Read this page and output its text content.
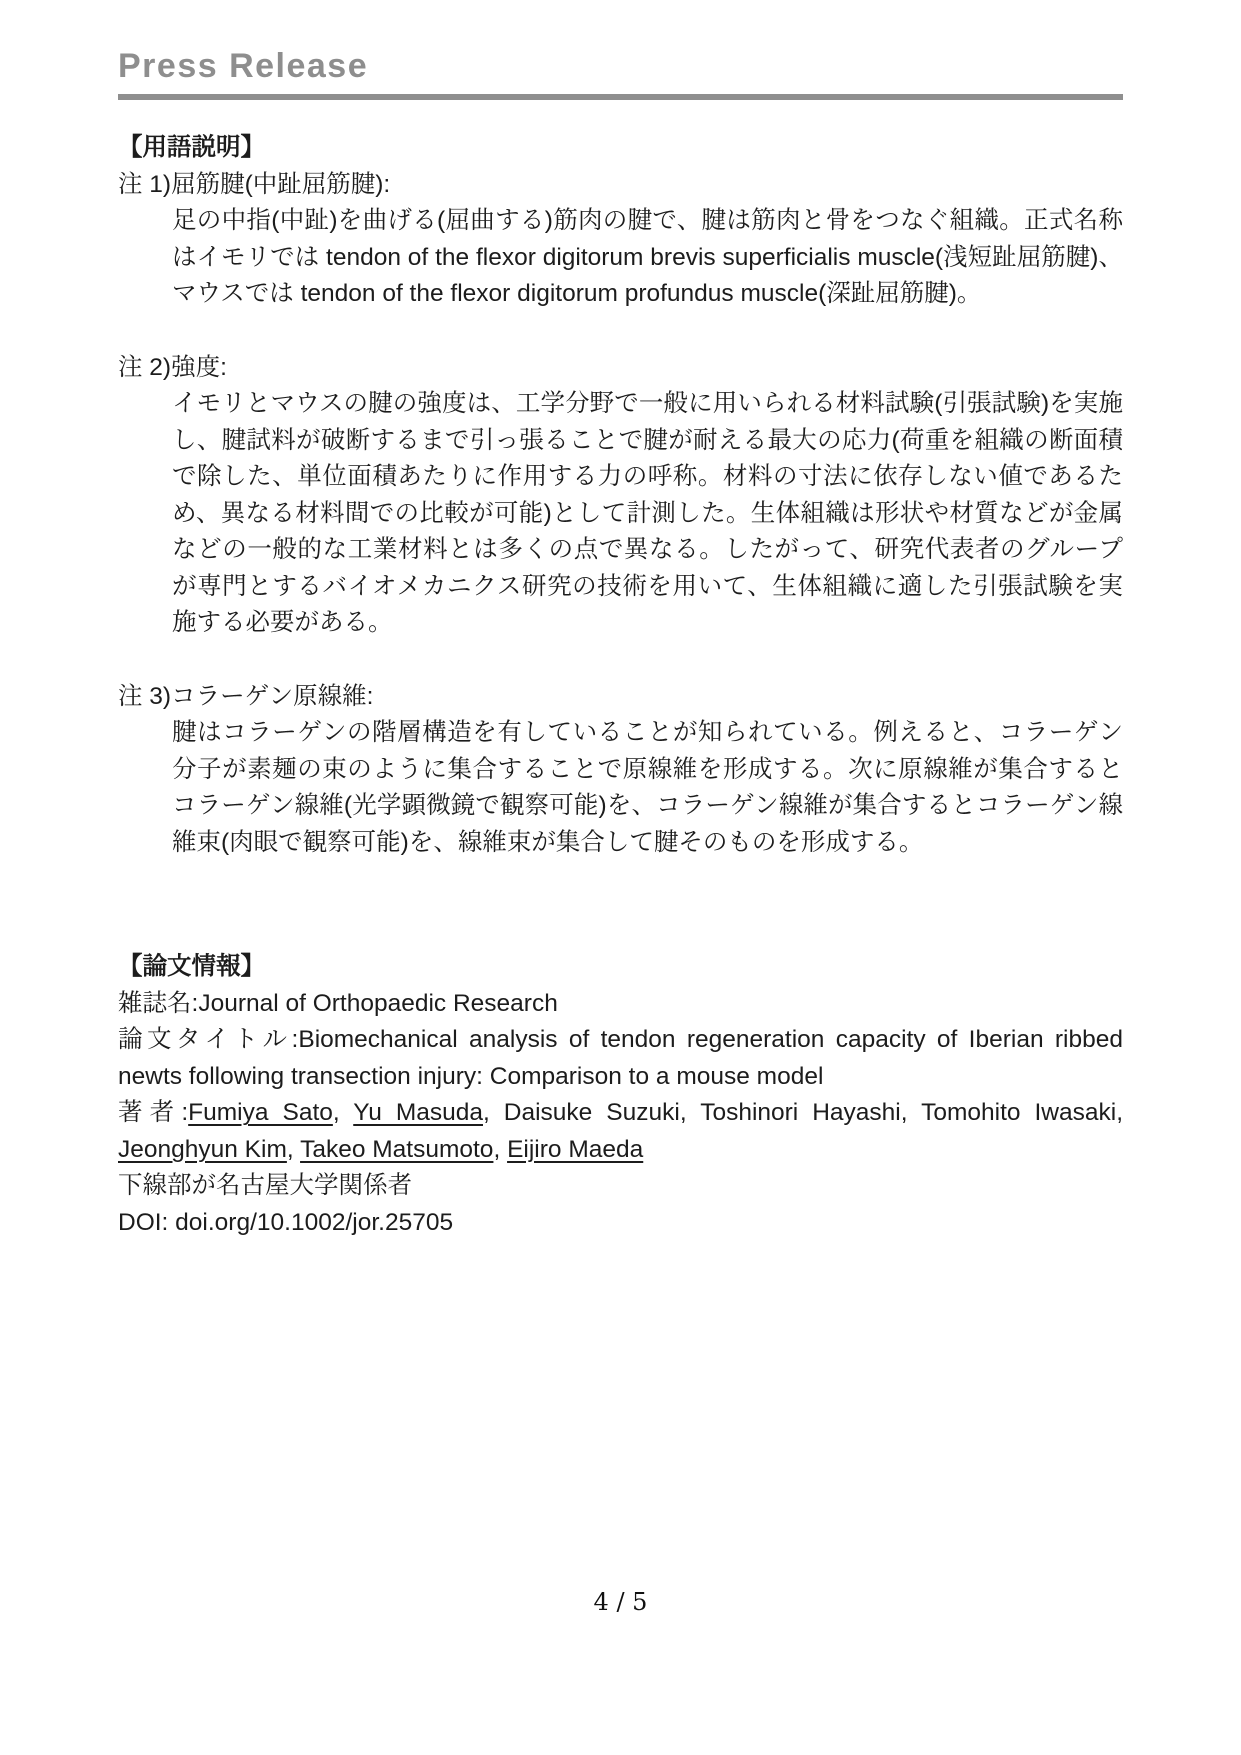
Press Release
【用語説明】
注 1)屈筋腱(中趾屈筋腱):
足の中指(中趾)を曲げる(屈曲する)筋肉の腱で、腱は筋肉と骨をつなぐ組織。正式名称はイモリでは tendon of the flexor digitorum brevis superficialis muscle(浅短趾屈筋腱)、マウスでは tendon of the flexor digitorum profundus muscle(深趾屈筋腱)。
注 2)強度:
イモリとマウスの腱の強度は、工学分野で一般に用いられる材料試験(引張試験)を実施し、腱試料が破断するまで引っ張ることで腱が耐える最大の応力(荷重を組織の断面積で除した、単位面積あたりに作用する力の呼称。材料の寸法に依存しない値であるため、異なる材料間での比較が可能)として計測した。生体組織は形状や材質などが金属などの一般的な工業材料とは多くの点で異なる。したがって、研究代表者のグループが専門とするバイオメカニクス研究の技術を用いて、生体組織に適した引張試験を実施する必要がある。
注 3)コラーゲン原線維:
腱はコラーゲンの階層構造を有していることが知られている。例えると、コラーゲン分子が素麺の束のように集合することで原線維を形成する。次に原線維が集合するとコラーゲン線維(光学顕微鏡で観察可能)を、コラーゲン線維が集合するとコラーゲン線維束(肉眼で観察可能)を、線維束が集合して腱そのものを形成する。
【論文情報】
雑誌名:Journal of Orthopaedic Research
論文タイトル:Biomechanical analysis of tendon regeneration capacity of Iberian ribbed newts following transection injury: Comparison to a mouse model
著者:Fumiya Sato, Yu Masuda, Daisuke Suzuki, Toshinori Hayashi, Tomohito Iwasaki, Jeonghyun Kim, Takeo Matsumoto, Eijiro Maeda
下線部が名古屋大学関係者
DOI: doi.org/10.1002/jor.25705
4 / 5
